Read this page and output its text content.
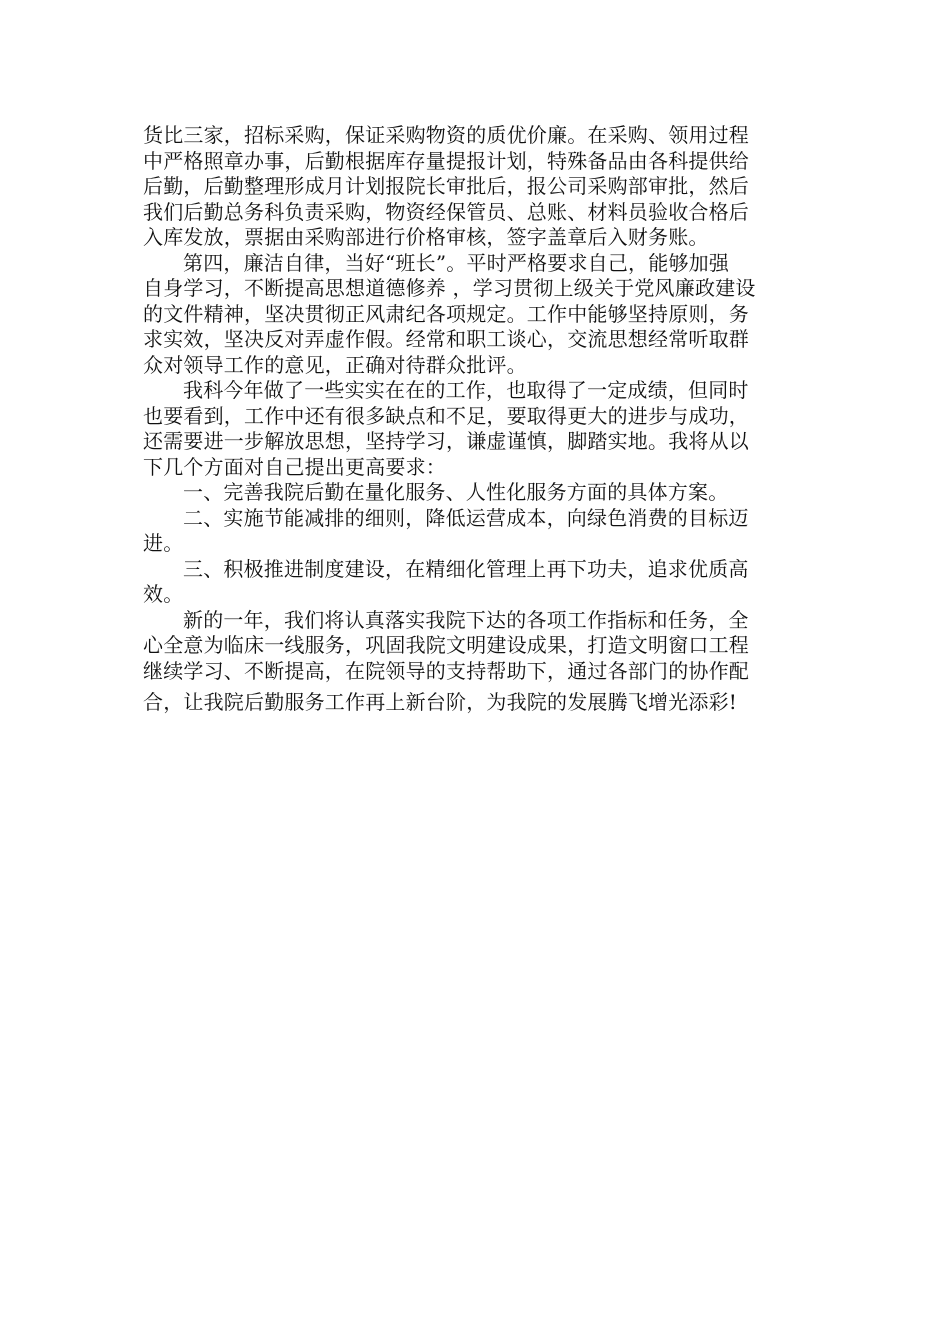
货比三家，招标采购，保证采购物资的质优价廉。在采购、领用过程
中严格照章办事，后勤根据库存量提报计划，特殊备品由各科提供给
后勤，后勤整理形成月计划报院长审批后，报公司采购部审批，然后
我们后勤总务科负责采购，物资经保管员、总账、材料员验收合格后
入库发放，票据由采购部进行价格审核，签字盖章后入财务账。

第四，廉洁自律，当好“班长”。平时严格要求自己，能够加强
自身学习，不断提高思想道德修养 ，学习贯彻上级关于党风廉政建设
的文件精神，坚决贯彻正风肃纪各项规定。工作中能够坚持原则，务
求实效，坚决反对弄虚作假。经常和职工谈心，交流思想经常听取群
众对领导工作的意见，正确对待群众批评。

我科今年做了一些实实在在的工作，也取得了一定成绩，但同时
也要看到，工作中还有很多缺点和不足，要取得更大的进步与成功，
还需要进一步解放思想，坚持学习，谦虚谨慎，脚踏实地。我将从以
下几个方面对自己提出更高要求：

一、完善我院后勤在量化服务、人性化服务方面的具体方案。

二、实施节能减排的细则，降低运营成本，向绿色消费的目标迈
进。

三、积极推进制度建设，在精细化管理上再下功夫，追求优质高
效。

新的一年，我们将认真落实我院下达的各项工作指标和任务，全
心全意为临床一线服务，巩固我院文明建设成果，打造文明窗口工程
继续学习、不断提高，在院领导的支持帮助下，通过各部门的协作配
合，让我院后勤服务工作再上新台阶，为我院的发展腾飞增光添彩!
